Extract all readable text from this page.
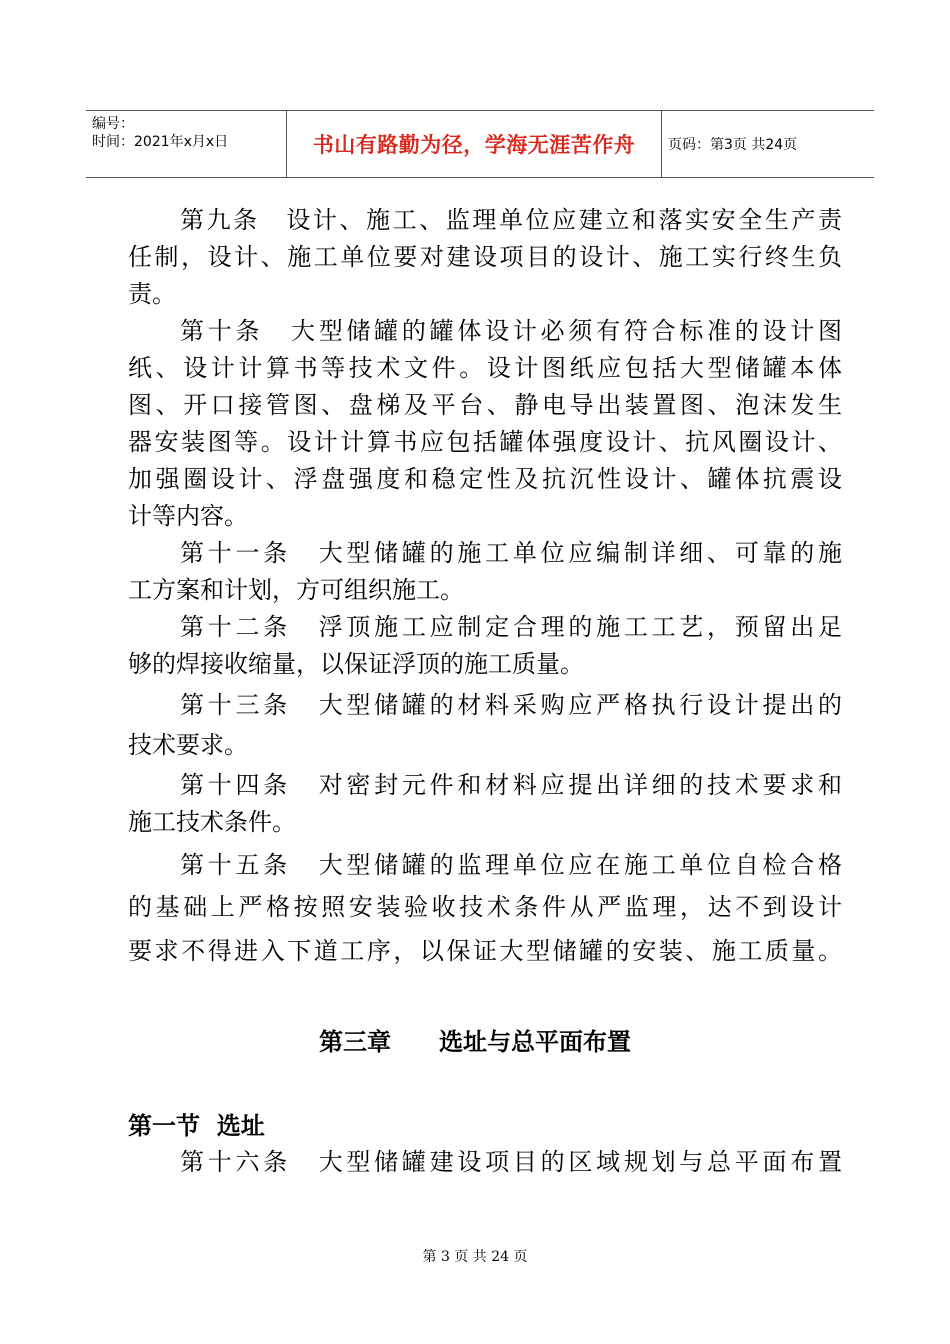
编号：
时间：2021年x月x日	书山有路勤为径，学海无涯苦作舟 页码：第3页 共24页
第九条　设计、施工、监理单位应建立和落实安全生产责
任制，设计、施工单位要对建设项目的设计、施工实行终生负
责。
第十条　大型储罐的罐体设计必须有符合标准的设计图
纸、设计计算书等技术文件。设计图纸应包括大型储罐本体
图、开口接管图、盘梯及平台、静电导出装置图、泡沫发生
器安装图等。设计计算书应包括罐体强度设计、抗风圈设计、
加强圈设计、浮盘强度和稳定性及抗沉性设计、罐体抗震设
计等内容。
第十一条　大型储罐的施工单位应编制详细、可靠的施
工方案和计划，方可组织施工。
第十二条　浮顶施工应制定合理的施工工艺，预留出足
够的焊接收缩量，以保证浮顶的施工质量。
第十三条　大型储罐的材料采购应严格执行设计提出的
技术要求。
第十四条　对密封元件和材料应提出详细的技术要求和
施工技术条件。
第十五条　大型储罐的监理单位应在施工单位自检合格
的基础上严格按照安装验收技术条件从严监理，达不到设计
要求不得进入下道工序，以保证大型储罐的安装、施工质量。
第十六条　大型储罐建设项目的区域规划与总平面布置
第三章　　选址与总平面布置
第一节  选址
第 3 页 共 24 页
